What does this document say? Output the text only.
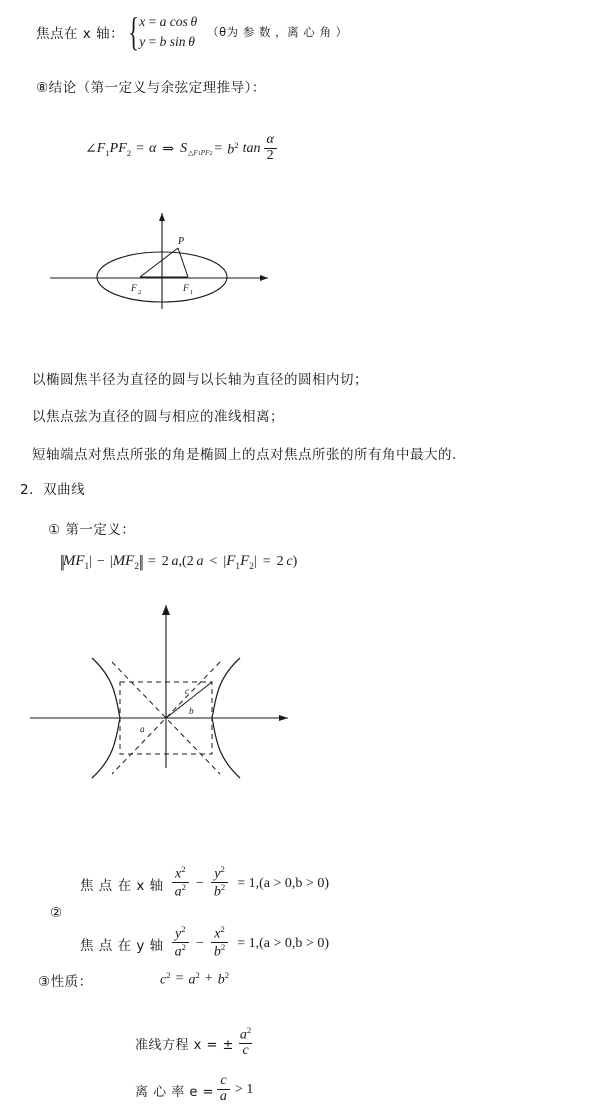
焦点在 x 轴： { x = a cos  θ
y = b sin  θ
（θ为 参 数 ，离 心 角 ）
⑧结论（第一定义与余弦定理推导）：
∠ $F_1PF_2 = \alpha$ ⇒ S △F1PF2 = $b^2$ $\tan \frac{\alpha}{2}$
P
F 2	F 1
以椭圆焦半径为直径的圆与以长轴为直径的圆相内切；
以焦点弦为直径的圆与相应的准线相离；
短轴端点对焦点所张的角是椭圆上的点对焦点所张的所有角中最大的.
2．双曲线
① 第一定义：
|| $MF_1$ | − | $MF_2$ || = 2  a ,( 2  a < | $F_1F_2$ | = 2  c )
c
b
a
②
焦 点 在 x 轴 $\frac{x^2}{a^2} - \frac{y^2}{b^2} = 1,(a > 0,b > 0)$
焦 点 在 y 轴 $\frac{y^2}{a^2} - \frac{x^2}{b^2} = 1,(a > 0,b > 0)$
③性质：	$c^2 = a^2 + b^2$
准线方程 x = ± $\frac{a^2}{c}$
离 心 率 $e = \frac{c}{a} > 1$
